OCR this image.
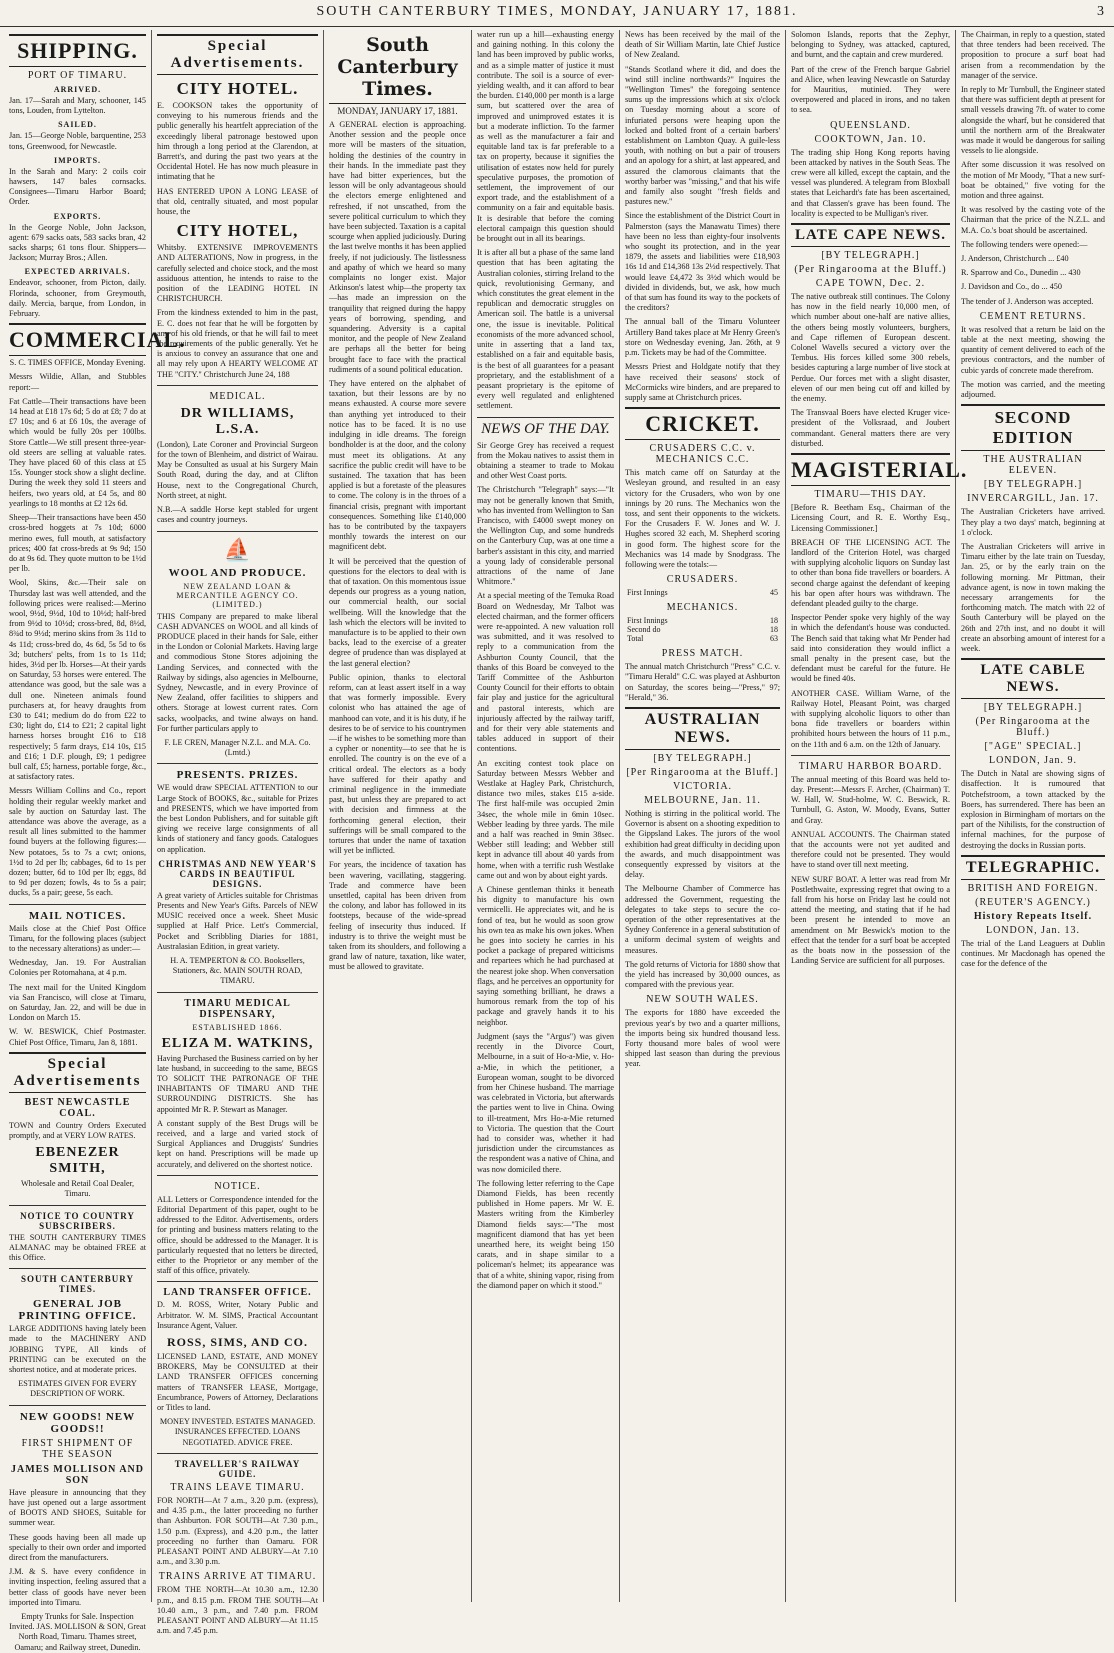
SOUTH CANTERBURY TIMES, MONDAY, JANUARY 17, 1881.	3
SHIPPING.
PORT OF TIMARU.
ARRIVED.

Jan. 17—Sarah and Mary, schooner, 145 tons, Louden, from Lyttelton.

SAILED.

Jan. 15—George Noble, barquentine, 253 tons, Greenwood, for Newcastle.

IMPORTS.

In the Sarah and Mary: 2 coils coir hawsers, 147 bales cornsacks. Consignees—Timaru Harbor Board; Order.

EXPORTS.

In the George Noble, John Jackson, agent: 679 sacks oats, 583 sacks bran, 42 sacks sharps; 61 tons flour. Shippers—Jackson; Murray Bros.; Allen.

EXPECTED ARRIVALS.

Endeavor, schooner, from Picton, daily. Florinda, schooner, from Greymouth, daily. Mercia, barque, from London, in February.

COMMERCIAL.

S. C. TIMES OFFICE, Monday Evening.

Messrs Wildie, Allan, and Stubbles report:—

Fat Cattle—Their transactions have been 14 head at £18 17s 6d; 5 do at £8; 7 do at £7 10s; and 6 at £6 10s, the average of which would be fully 20s per 100lbs. Store Cattle—We still present three-year-old steers are selling at valuable rates. They have placed 60 of this class at £5 15s. Younger stock show a slight decline. During the week they sold 11 steers and heifers, two years old, at £4 5s, and 80 yearlings to 18 months at £2 12s 6d.

Sheep—Their transactions have been 450 cross-bred hoggets at 7s 10d; 6000 merino ewes, full mouth, at satisfactory prices; 400 fat cross-breds at 9s 9d; 150 do at 9s 6d. They quote mutton to be 1½d per lb.

Wool, Skins, &c.—Their sale on Thursday last was well attended, and the following prices were realised:—Merino wool, 9½d, 9½d, 10d to 10½d; half-bred from 9½d to 10½d; cross-bred, 8d, 8½d, 8¾d to 9½d; merino skins from 3s 11d to 4s 11d; cross-bred do, 4s 6d, 5s 5d to 6s 3d; butchers' pelts, from 1s to 1s 11d; hides, 3½d per lb. Horses—At their yards on Saturday, 53 horses were entered. The attendance was good, but the sale was a dull one. Nineteen animals found purchasers at, for heavy draughts from £30 to £41; medium do do from £22 to £30; light do, £14 to £21; 2 capital light harness horses brought £16 to £18 respectively; 5 farm drays, £14 10s, £15 and £16; 1 D.F. plough, £9; 1 pedigree bull calf, £5; harness, portable forge, &c., at satisfactory rates.

Messrs William Collins and Co., report holding their regular weekly market and sale by auction on Saturday last. The attendance was above the average, as a result all lines submitted to the hammer found buyers at the following figures:—New potatoes, 5s to 7s a cwt; onions, 1½d to 2d per lb; cabbages, 6d to 1s per dozen; butter, 6d to 10d per lb; eggs, 8d to 9d per dozen; fowls, 4s to 5s a pair; ducks, 5s a pair; geese, 5s each.

MAIL NOTICES.

Mails close at the Chief Post Office Timaru, for the following places (subject to the necessary alterations) as under:—

Wednesday, Jan. 19. For Australian Colonies per Rotomahana, at 4 p.m.

The next mail for the United Kingdom via San Francisco, will close at Timaru, on Saturday, Jan. 22, and will be due in London on March 15.

W. W. BESWICK, Chief Postmaster. Chief Post Office, Timaru, Jan 8, 1881.

Special Advertisements
BEST NEWCASTLE COAL.

TOWN and Country Orders Executed promptly, and at VERY LOW RATES.

EBENEZER SMITH,

Wholesale and Retail Coal Dealer, Timaru.

NOTICE TO COUNTRY SUBSCRIBERS.

THE SOUTH CANTERBURY TIMES ALMANAC may be obtained FREE at this Office.

SOUTH CANTERBURY TIMES.
GENERAL JOB PRINTING OFFICE.

LARGE ADDITIONS having lately been made to the MACHINERY AND JOBBING TYPE, All kinds of PRINTING can be executed on the shortest notice, and at moderate prices.

ESTIMATES GIVEN FOR EVERY DESCRIPTION OF WORK.

NEW GOODS! NEW GOODS!!
FIRST SHIPMENT OF THE SEASON
JAMES MOLLISON AND SON

Have pleasure in announcing that they have just opened out a large assortment of BOOTS AND SHOES, Suitable for summer wear.

These goods having been all made up specially to their own order and imported direct from the manufacturers.

J.M. & S. have every confidence in inviting inspection, feeling assured that a better class of goods have never been imported into Timaru.

Empty Trunks for Sale. Inspection Invited. JAS. MOLLISON & SON, Great North Road, Timaru. Thames street, Oamaru; and Railway street, Dunedin.

Special Advertisements.
CITY HOTEL.

E. COOKSON takes the opportunity of conveying to his numerous friends and the public generally his heartfelt appreciation of the exceedingly liberal patronage bestowed upon him through a long period at the Clarendon, at Barrett's, and during the past two years at the Occidental Hotel. He has now much pleasure in intimating that he

HAS ENTERED UPON A LONG LEASE of that old, centrally situated, and most popular house, the

CITY HOTEL,

Whitsby. EXTENSIVE IMPROVEMENTS AND ALTERATIONS, Now in progress, in the carefully selected and choice stock, and the most assiduous attention, he intends to raise to the position of the LEADING HOTEL IN CHRISTCHURCH.

From the kindness extended to him in the past, E. C. does not fear that he will be forgotten by any of his old friends, or that he will fail to meet the requirements of the public generally. Yet he is anxious to convey an assurance that one and all may rely upon A HEARTY WELCOME AT THE "CITY." Christchurch June 24, 188

MEDICAL.
DR WILLIAMS, L.S.A.

(London), Late Coroner and Provincial Surgeon for the town of Blenheim, and district of Wairau. May be Consulted as usual at his Surgery Main South Road, during the day, and at Clifton House, next to the Congregational Church, North street, at night.

N.B.—A saddle Horse kept stabled for urgent cases and country journeys.

⛵
WOOL AND PRODUCE.
NEW ZEALAND LOAN & MERCANTILE AGENCY CO. (LIMITED.)

THIS Company are prepared to make liberal CASH ADVANCES on WOOL and all kinds of PRODUCE placed in their hands for Sale, either in the London or Colonial Markets. Having large and commodious Stone Stores adjoining the Landing Services, and connected with the Railway by sidings, also agencies in Melbourne, Sydney, Newcastle, and in every Province of New Zealand, offer facilities to shippers and others. Storage at lowest current rates. Corn sacks, woolpacks, and twine always on hand. For further particulars apply to

F. LE CREN, Manager N.Z.L. and M.A. Co. (Lmtd.)

PRESENTS. PRIZES.

WE would draw SPECIAL ATTENTION to our Large Stock of BOOKS, &c., suitable for Prizes and PRESENTS, which we have imported from the best London Publishers, and for suitable gift giving we receive large consignments of all kinds of stationery and fancy goods. Catalogues on application.

CHRISTMAS AND NEW YEAR'S CARDS IN BEAUTIFUL DESIGNS.

A great variety of Articles suitable for Christmas Presents and New Year's Gifts. Parcels of NEW MUSIC received once a week. Sheet Music supplied at Half Price. Lett's Commercial, Pocket and Scribbling Diaries for 1881, Australasian Edition, in great variety.

H. A. TEMPERTON & CO. Booksellers, Stationers, &c. MAIN SOUTH ROAD, TIMARU.

TIMARU MEDICAL DISPENSARY,
ESTABLISHED 1866.
ELIZA M. WATKINS,

Having Purchased the Business carried on by her late husband, in succeeding to the same, BEGS TO SOLICIT THE PATRONAGE OF THE INHABITANTS OF TIMARU AND THE SURROUNDING DISTRICTS. She has appointed Mr R. P. Stewart as Manager.

A constant supply of the Best Drugs will be received, and a large and varied stock of Surgical Appliances and Druggists' Sundries kept on hand. Prescriptions will be made up accurately, and delivered on the shortest notice.

NOTICE.

ALL Letters or Correspondence intended for the Editorial Department of this paper, ought to be addressed to the Editor. Advertisements, orders for printing and business matters relating to the office, should be addressed to the Manager. It is particularly requested that no letters be directed, either to the Proprietor or any member of the staff of this office, privately.

LAND TRANSFER OFFICE.

D. M. ROSS, Writer, Notary Public and Arbitrator. W. M. SIMS, Practical Accountant Insurance Agent, Valuer.

ROSS, SIMS, AND CO.

LICENSED LAND, ESTATE, AND MONEY BROKERS, May be CONSULTED at their LAND TRANSFER OFFICES concerning matters of TRANSFER LEASE, Mortgage, Encumbrance, Powers of Attorney, Declarations or Titles to land.

MONEY INVESTED. ESTATES MANAGED. INSURANCES EFFECTED. LOANS NEGOTIATED. ADVICE FREE.

TRAVELLER'S RAILWAY GUIDE.
TRAINS LEAVE TIMARU.

FOR NORTH—At 7 a.m., 3.20 p.m. (express), and 4.35 p.m., the latter proceeding no further than Ashburton. FOR SOUTH—At 7.30 p.m., 1.50 p.m. (Express), and 4.20 p.m., the latter proceeding no further than Oamaru. FOR PLEASANT POINT AND ALBURY—At 7.10 a.m., and 3.30 p.m.

TRAINS ARRIVE AT TIMARU.

FROM THE NORTH—At 10.30 a.m., 12.30 p.m., and 8.15 p.m. FROM THE SOUTH—At 10.40 a.m., 3 p.m., and 7.40 p.m. FROM PLEASANT POINT AND ALBURY—At 11.15 a.m. and 7.45 p.m.

South Canterbury Times.
MONDAY, JANUARY 17, 1881.

A GENERAL election is approaching. Another session and the people once more will be masters of the situation, holding the destinies of the country in their hands. In the immediate past they have had bitter experiences, but the lesson will be only advantageous should the electors emerge enlightened and refreshed, if not unscathed, from the severe political curriculum to which they have been subjected. Taxation is a capital scourge when applied judiciously. During the last twelve months it has been applied freely, if not judiciously. The listlessness and apathy of which we heard so many complaints no longer exist. Major Atkinson's latest whip—the property tax—has made an impression on the tranquility that reigned during the happy years of borrowing, spending, and squandering. Adversity is a capital monitor, and the people of New Zealand are perhaps all the better for being brought face to face with the practical rudiments of a sound political education.

They have entered on the alphabet of taxation, but their lessons are by no means exhausted. A course more severe than anything yet introduced to their notice has to be faced. It is no use indulging in idle dreams. The foreign bondholder is at the door, and the colony must meet its obligations. At any sacrifice the public credit will have to be sustained. The taxation that has been applied is but a foretaste of the pleasures to come. The colony is in the throes of a financial crisis, pregnant with important consequences. Something like £140,000 has to be contributed by the taxpayers monthly towards the interest on our magnificent debt.

It will be perceived that the question of questions for the electors to deal with is that of taxation. On this momentous issue depends our progress as a young nation, our commercial health, our social wellbeing. Will the knowledge that the lash which the electors will be invited to manufacture is to be applied to their own backs, lead to the exercise of a greater degree of prudence than was displayed at the last general election?

Public opinion, thanks to electoral reform, can at least assert itself in a way that was formerly impossible. Every colonist who has attained the age of manhood can vote, and it is his duty, if he desires to be of service to his countrymen—if he wishes to be something more than a cypher or nonentity—to see that he is enrolled. The country is on the eve of a critical ordeal. The electors as a body have suffered for their apathy and criminal negligence in the immediate past, but unless they are prepared to act with decision and firmness at the forthcoming general election, their sufferings will be small compared to the tortures that under the name of taxation will yet be inflicted.

For years, the incidence of taxation has been wavering, vacillating, staggering. Trade and commerce have been unsettled, capital has been driven from the colony, and labor has followed in its footsteps, because of the wide-spread feeling of insecurity thus induced. If industry is to thrive the weight must be taken from its shoulders, and following a grand law of nature, taxation, like water, must be allowed to gravitate.

water run up a hill—exhausting energy and gaining nothing. In this colony the land has been improved by public works, and as a simple matter of justice it must contribute. The soil is a source of ever-yielding wealth, and it can afford to bear the burden. £140,000 per month is a large sum, but scattered over the area of improved and unimproved estates it is but a moderate infliction. To the farmer as well as the manufacturer a fair and equitable land tax is far preferable to a tax on property, because it signifies the utilisation of estates now held for purely speculative purposes, the promotion of settlement, the improvement of our export trade, and the establishment of a community on a fair and equitable basis. It is desirable that before the coming electoral campaign this question should be brought out in all its bearings.

It is after all but a phase of the same land question that has been agitating the Australian colonies, stirring Ireland to the quick, revolutionising Germany, and which constitutes the great element in the republican and democratic struggles on American soil. The battle is a universal one, the issue is inevitable. Political economists of the more advanced school, unite in asserting that a land tax, established on a fair and equitable basis, is the best of all guarantees for a peasant proprietary, and the establishment of a peasant proprietary is the epitome of every well regulated and enlightened settlement.

NEWS OF THE DAY.

Sir George Grey has received a request from the Mokau natives to assist them in obtaining a steamer to trade to Mokau and other West Coast ports.

The Christchurch "Telegraph" says:—"It may not be generally known that Smith, who has invented from Wellington to San Francisco, with £4000 swept money on the Wellington Cup, and some hundreds on the Canterbury Cup, was at one time a barber's assistant in this city, and married a young lady of considerable personal attractions of the name of Jane Whitmore."

At a special meeting of the Temuka Road Board on Wednesday, Mr Talbot was elected chairman, and the former officers were re-appointed. A new valuation roll was submitted, and it was resolved to reply to a communication from the Ashburton County Council, that the thanks of this Board be conveyed to the Tariff Committee of the Ashburton County Council for their efforts to obtain fair play and justice for the agricultural and pastoral interests, which are injuriously affected by the railway tariff, and for their very able statements and tables adduced in support of their contentions.

An exciting contest took place on Saturday between Messrs Webber and Westlake at Hagley Park, Christchurch, distance two miles, stakes £15 a-side. The first half-mile was occupied 2min 34sec, the whole mile in 6min 10sec. Webber leading by three yards. The mile and a half was reached in 9min 38sec. Webber still leading; and Webber still kept in advance till about 40 yards from home, when with a terrific rush Westlake came out and won by about eight yards.

A Chinese gentleman thinks it beneath his dignity to manufacture his own vermicelli. He appreciates wit, and he is fond of tea, but he would as soon grow his own tea as make his own jokes. When he goes into society he carries in his pocket a package of prepared witticisms and repartees which he had purchased at the nearest joke shop. When conversation flags, and he perceives an opportunity for saying something brilliant, he draws a humorous remark from the top of his package and gravely hands it to his neighbor.

Judgment (says the "Argus") was given recently in the Divorce Court, Melbourne, in a suit of Ho-a-Mie, v. Ho-a-Mie, in which the petitioner, a European woman, sought to be divorced from her Chinese husband. The marriage was celebrated in Victoria, but afterwards the parties went to live in China. Owing to ill-treatment, Mrs Ho-a-Mie returned to Victoria. The question that the Court had to consider was, whether it had jurisdiction under the circumstances as the respondent was a native of China, and was now domiciled there.

The following letter referring to the Cape Diamond Fields, has been recently published in Home papers. Mr W. E. Masters writing from the Kimberley Diamond fields says:—"The most magnificent diamond that has yet been unearthed here, its weight being 150 carats, and in shape similar to a policeman's helmet; its appearance was that of a white, shining vapor, rising from the diamond paper on which it stood."

News has been received by the mail of the death of Sir William Martin, late Chief Justice of New Zealand.

"Stands Scotland where it did, and does the wind still incline northwards?" Inquires the "Wellington Times" the foregoing sentence sums up the impressions which at six o'clock on Tuesday morning about a score of infuriated persons were heaping upon the locked and bolted front of a certain barbers' establishment on Lambton Quay. A guile-less youth, with nothing on but a pair of trousers and an apology for a shirt, at last appeared, and assured the clamorous claimants that the worthy barber was "missing," and that his wife and family also sought "fresh fields and pastures new."

Since the establishment of the District Court in Palmerston (says the Manawatu Times) there have been no less than eighty-four insolvents who sought its protection, and in the year 1879, the assets and liabilities were £18,903 16s 1d and £14,368 13s 2½d respectively. That would leave £4,472 3s 3½d which would be divided in dividends, but, we ask, how much of that sum has found its way to the pockets of the creditors?

The annual ball of the Timaru Volunteer Artillery Band takes place at Mr Henry Green's store on Wednesday evening, Jan. 26th, at 9 p.m. Tickets may be had of the Committee.

Messrs Priest and Holdgate notify that they have received their seasons' stock of McCormicks wire binders, and are prepared to supply same at Christchurch prices.

CRICKET.
CRUSADERS C.C. v. MECHANICS C.C.

This match came off on Saturday at the Wesleyan ground, and resulted in an easy victory for the Crusaders, who won by one innings by 20 runs. The Mechanics won the toss, and sent their opponents to the wickets. For the Crusaders F. W. Jones and W. J. Hughes scored 32 each, M. Shepherd scoring in good form. The highest score for the Mechanics was 14 made by Snodgrass. The following were the totals:—

CRUSADERS.
First Innings	45
MECHANICS.
First Innings	18
Second do	18
Total	63
PRESS MATCH.

The annual match Christchurch "Press" C.C. v. "Timaru Herald" C.C. was played at Ashburton on Saturday, the scores being—"Press," 97; "Herald," 36.

AUSTRALIAN NEWS.
[BY TELEGRAPH.]
[Per Ringarooma at the Bluff.]
VICTORIA.
MELBOURNE, Jan. 11.

Nothing is stirring in the political world. The Governor is absent on a shooting expedition to the Gippsland Lakes. The jurors of the wool exhibition had great difficulty in deciding upon the awards, and much disappointment was consequently expressed by visitors at the delay.

The Melbourne Chamber of Commerce has addressed the Government, requesting the delegates to take steps to secure the co-operation of the other representatives at the Sydney Conference in a general substitution of a uniform decimal system of weights and measures.

The gold returns of Victoria for 1880 show that the yield has increased by 30,000 ounces, as compared with the previous year.

NEW SOUTH WALES.

The exports for 1880 have exceeded the previous year's by two and a quarter millions, the imports being six hundred thousand less. Forty thousand more bales of wool were shipped last season than during the previous year.

Solomon Islands, reports that the Zephyr, belonging to Sydney, was attacked, captured, and burnt, and the captain and crew murdered.

Part of the crew of the French barque Gabriel and Alice, when leaving Newcastle on Saturday for Mauritius, mutinied. They were overpowered and placed in irons, and no taken to sea.

QUEENSLAND.
COOKTOWN, Jan. 10.

The trading ship Hong Kong reports having been attacked by natives in the South Seas. The crew were all killed, except the captain, and the vessel was plundered. A telegram from Bloxball states that Leichardt's fate has been ascertained, and that Classen's grave has been found. The locality is expected to be Mulligan's river.

LATE CAPE NEWS.
[BY TELEGRAPH.]
(Per Ringarooma at the Bluff.)
CAPE TOWN, Dec. 2.

The native outbreak still continues. The Colony has now in the field nearly 10,000 men, of which number about one-half are native allies, the others being mostly volunteers, burghers, and Cape riflemen of European descent. Colonel Wavells secured a victory over the Tembus. His forces killed some 300 rebels, besides capturing a large number of live stock at Perdue. Our forces met with a slight disaster, eleven of our men being cut off and killed by the enemy.

The Transvaal Boers have elected Kruger vice-president of the Volksraad, and Joubert commandant. General matters there are very disturbed.

MAGISTERIAL.
TIMARU—THIS DAY.

[Before R. Beetham Esq., Chairman of the Licensing Court, and R. E. Worthy Esq., Licensing Commissioner.]

BREACH OF THE LICENSING ACT. The landlord of the Criterion Hotel, was charged with supplying alcoholic liquors on Sunday last to other than bona fide travellers or boarders. A second charge against the defendant of keeping his bar open after hours was withdrawn. The defendant pleaded guilty to the charge.

Inspector Pender spoke very highly of the way in which the defendant's house was conducted. The Bench said that taking what Mr Pender had said into consideration they would inflict a small penalty in the present case, but the defendant must be careful for the future. He would be fined 40s.

ANOTHER CASE. William Warne, of the Railway Hotel, Pleasant Point, was charged with supplying alcoholic liquors to other than bona fide travellers or boarders within prohibited hours between the hours of 11 p.m., on the 11th and 6 a.m. on the 12th of January.

TIMARU HARBOR BOARD.

The annual meeting of this Board was held to-day. Present:—Messrs F. Archer, (Chairman) T. W. Hall, W. Stud-holme, W. C. Beswick, R. Turnbull, G. Aston, W. Moody, Evans, Sutter and Gray.

ANNUAL ACCOUNTS. The Chairman stated that the accounts were not yet audited and therefore could not be presented. They would have to stand over till next meeting.

NEW SURF BOAT. A letter was read from Mr Postlethwaite, expressing regret that owing to a fall from his horse on Friday last he could not attend the meeting, and stating that if he had been present he intended to move an amendment on Mr Beswick's motion to the effect that the tender for a surf boat be accepted as the boats now in the possession of the Landing Service are sufficient for all purposes.

The Chairman, in reply to a question, stated that three tenders had been received. The proposition to procure a surf boat had arisen from a recommendation by the manager of the service.

In reply to Mr Turnbull, the Engineer stated that there was sufficient depth at present for small vessels drawing 7ft. of water to come alongside the wharf, but he considered that until the northern arm of the Breakwater was made it would be dangerous for sailing vessels to lie alongside.

After some discussion it was resolved on the motion of Mr Moody, "That a new surf-boat be obtained," five voting for the motion and three against.

It was resolved by the casting vote of the Chairman that the price of the N.Z.L. and M.A. Co.'s boat should be ascertained.

The following tenders were opened:—

J. Anderson, Christchurch ... £40

R. Sparrow and Co., Dunedin ... 430

J. Davidson and Co., do ... 450

The tender of J. Anderson was accepted.

CEMENT RETURNS.

It was resolved that a return be laid on the table at the next meeting, showing the quantity of cement delivered to each of the previous contractors, and the number of cubic yards of concrete made therefrom.

The motion was carried, and the meeting adjourned.

SECOND EDITION
THE AUSTRALIAN ELEVEN.
[BY TELEGRAPH.]
INVERCARGILL, Jan. 17.

The Australian Cricketers have arrived. They play a two days' match, beginning at 1 o'clock.

The Australian Cricketers will arrive in Timaru either by the late train on Tuesday, Jan. 25, or by the early train on the following morning. Mr Pittman, their advance agent, is now in town making the necessary arrangements for the forthcoming match. The match with 22 of South Canterbury will be played on the 26th and 27th inst, and no doubt it will create an absorbing amount of interest for a week.

LATE CABLE NEWS.
[BY TELEGRAPH.]
(Per Ringarooma at the Bluff.)
["AGE" SPECIAL.]
LONDON, Jan. 9.

The Dutch in Natal are showing signs of disaffection. It is rumoured that Potchefstroom, a town attacked by the Boers, has surrendered. There has been an explosion in Birmingham of mortars on the part of the Nihilists, for the construction of infernal machines, for the purpose of destroying the docks in Russian ports.

TELEGRAPHIC.
BRITISH AND FOREIGN.
(REUTER'S AGENCY.)
History Repeats Itself.
LONDON, Jan. 13.

The trial of the Land Leaguers at Dublin continues. Mr Macdonagh has opened the case for the defence of the
